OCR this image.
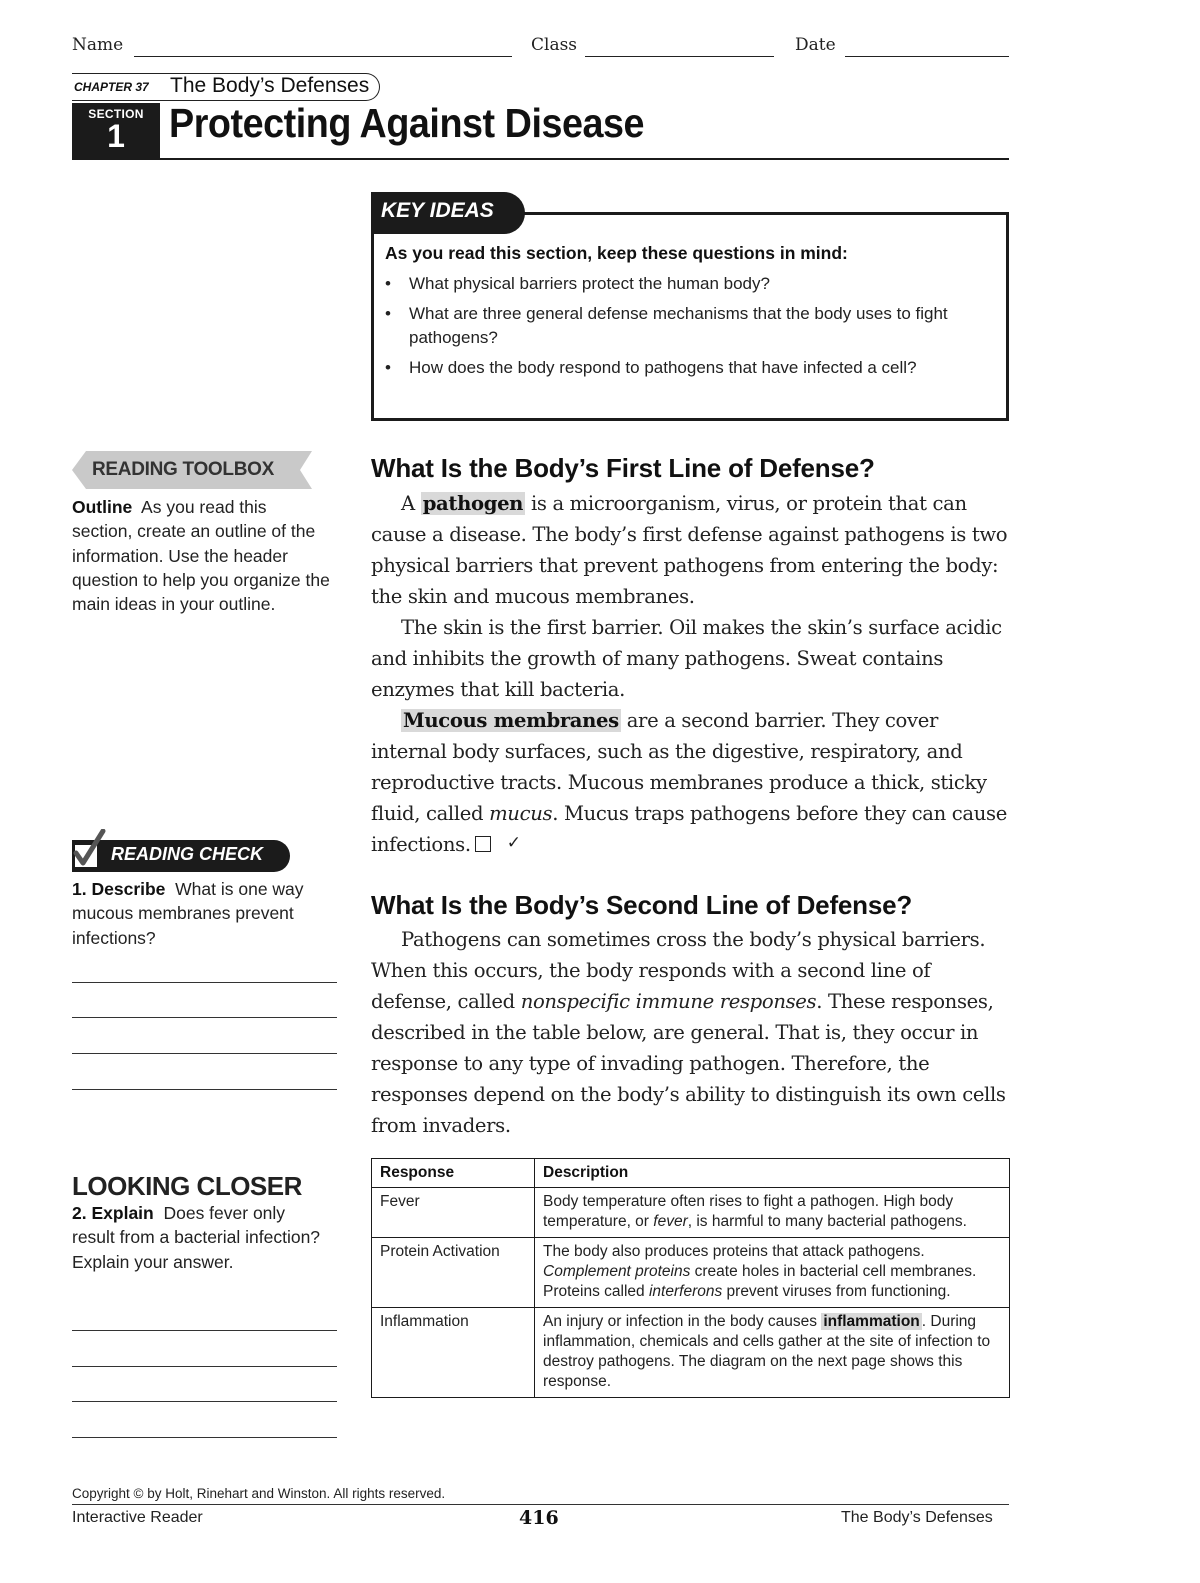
Name	Class	Date
CHAPTER 37 The Body’s Defenses
SECTION
1	Protecting Against Disease
KEY IDEAS
As you read this section, keep these questions in mind:
• What physical barriers protect the human body?
• What are three general defense mechanisms that the body uses to fight pathogens?
• How does the body respond to pathogens that have infected a cell?
READING TOOLBOX
Outline As you read this section, create an outline of the information. Use the header question to help you organize the main ideas in your outline.
READING CHECK
1. Describe What is one way mucous membranes prevent infections?
LOOKING CLOSER
2. Explain Does fever only result from a bacterial infection? Explain your answer.
What Is the Body’s First Line of Defense?

A pathogen is a microorganism, virus, or protein that can cause a disease. The body’s first defense against pathogens is two physical barriers that prevent pathogens from entering the body: the skin and mucous membranes.

The skin is the first barrier. Oil makes the skin’s surface acidic and inhibits the growth of many pathogens. Sweat contains enzymes that kill bacteria.

Mucous membranes are a second barrier. They cover internal body surfaces, such as the digestive, respiratory, and reproductive tracts. Mucous membranes produce a thick, sticky fluid, called mucus. Mucus traps pathogens before they can cause infections.✓

What Is the Body’s Second Line of Defense?

Pathogens can sometimes cross the body’s physical barriers. When this occurs, the body responds with a second line of defense, called nonspecific immune responses. These responses, described in the table below, are general. That is, they occur in response to any type of invading pathogen. Therefore, the responses depend on the body’s ability to distinguish its own cells from invaders.

Response	Description
Fever	Body temperature often rises to fight a pathogen. High body temperature, or fever, is harmful to many bacterial pathogens.
Protein Activation	The body also produces proteins that attack pathogens. Complement proteins create holes in bacterial cell membranes. Proteins called interferons prevent viruses from functioning.
Inflammation	An injury or infection in the body causes inflammation . During inflammation, chemicals and cells gather at the site of infection to destroy pathogens. The diagram on the next page shows this response.
Copyright © by Holt, Rinehart and Winston. All rights reserved.
Interactive Reader	416	The Body’s Defenses
